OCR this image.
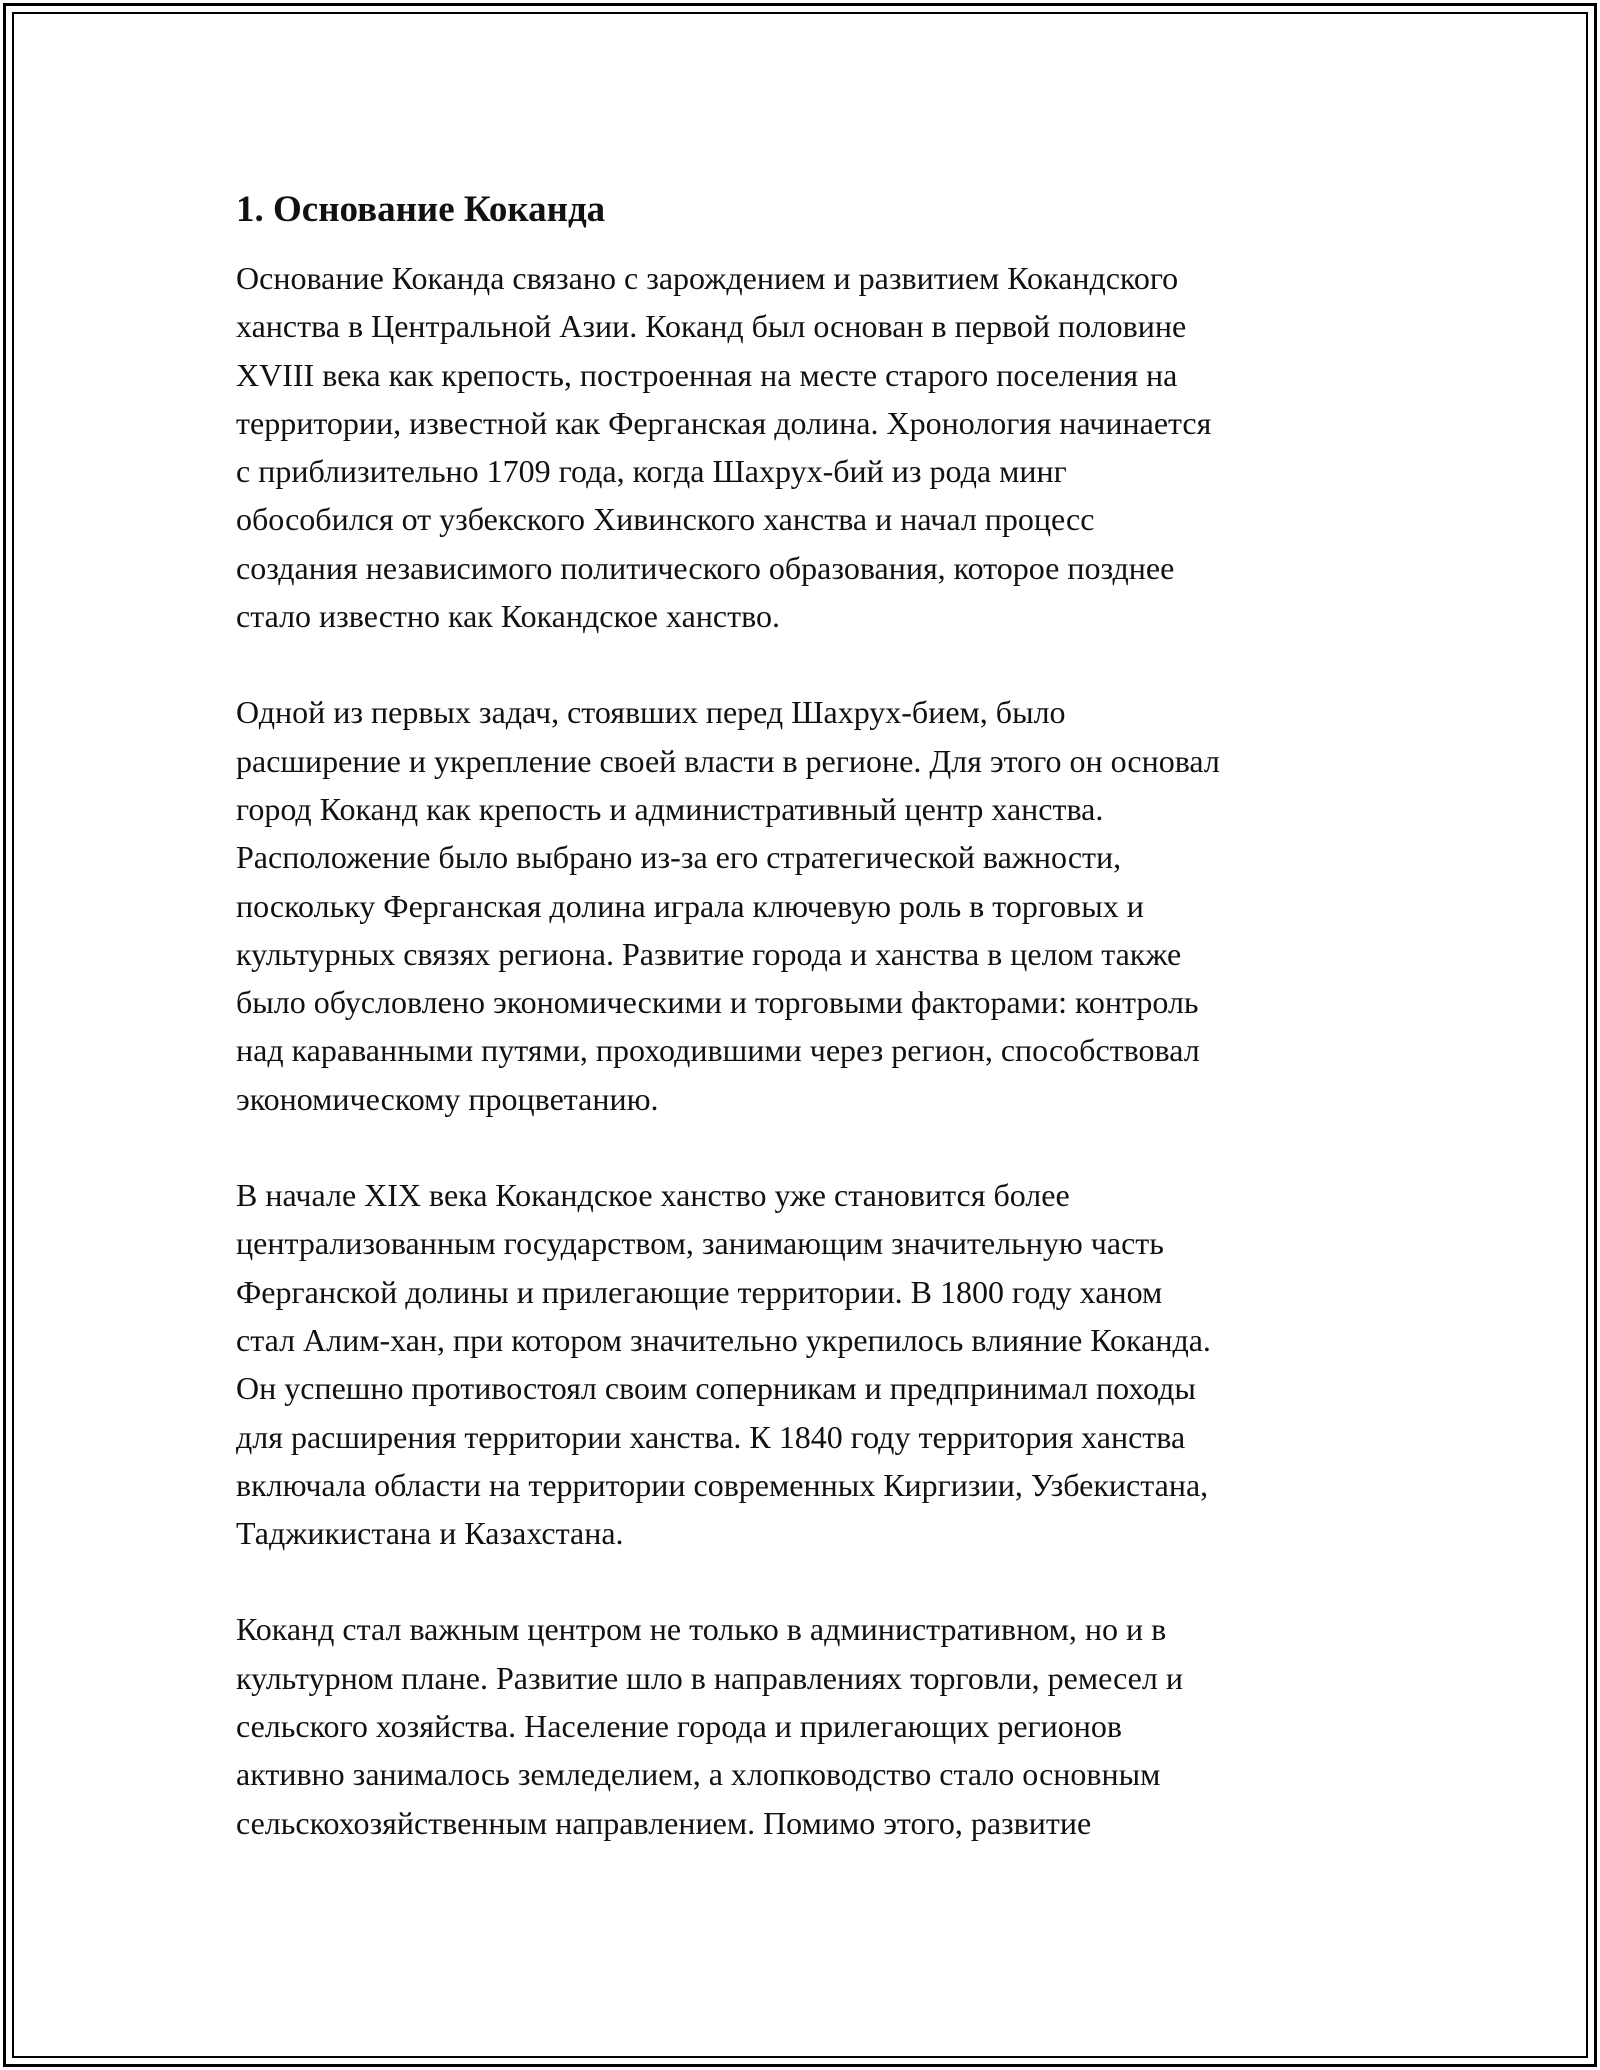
1. Основание Коканда

Основание Коканда связано с зарождением и развитием Кокандского
ханства в Центральной Азии. Коканд был основан в первой половине
XVIII века как крепость, построенная на месте старого поселения на
территории, известной как Ферганская долина. Хронология начинается
с приблизительно 1709 года, когда Шахрух-бий из рода минг
обособился от узбекского Хивинского ханства и начал процесс
создания независимого политического образования, которое позднее
стало известно как Кокандское ханство.

Одной из первых задач, стоявших перед Шахрух-бием, было
расширение и укрепление своей власти в регионе. Для этого он основал
город Коканд как крепость и административный центр ханства.
Расположение было выбрано из-за его стратегической важности,
поскольку Ферганская долина играла ключевую роль в торговых и
культурных связях региона. Развитие города и ханства в целом также
было обусловлено экономическими и торговыми факторами: контроль
над караванными путями, проходившими через регион, способствовал
экономическому процветанию.

В начале XIX века Кокандское ханство уже становится более
централизованным государством, занимающим значительную часть
Ферганской долины и прилегающие территории. В 1800 году ханом
стал Алим-хан, при котором значительно укрепилось влияние Коканда.
Он успешно противостоял своим соперникам и предпринимал походы
для расширения территории ханства. К 1840 году территория ханства
включала области на территории современных Киргизии, Узбекистана,
Таджикистана и Казахстана.

Коканд стал важным центром не только в административном, но и в
культурном плане. Развитие шло в направлениях торговли, ремесел и
сельского хозяйства. Население города и прилегающих регионов
активно занималось земледелием, а хлопководство стало основным
сельскохозяйственным направлением. Помимо этого, развитие
